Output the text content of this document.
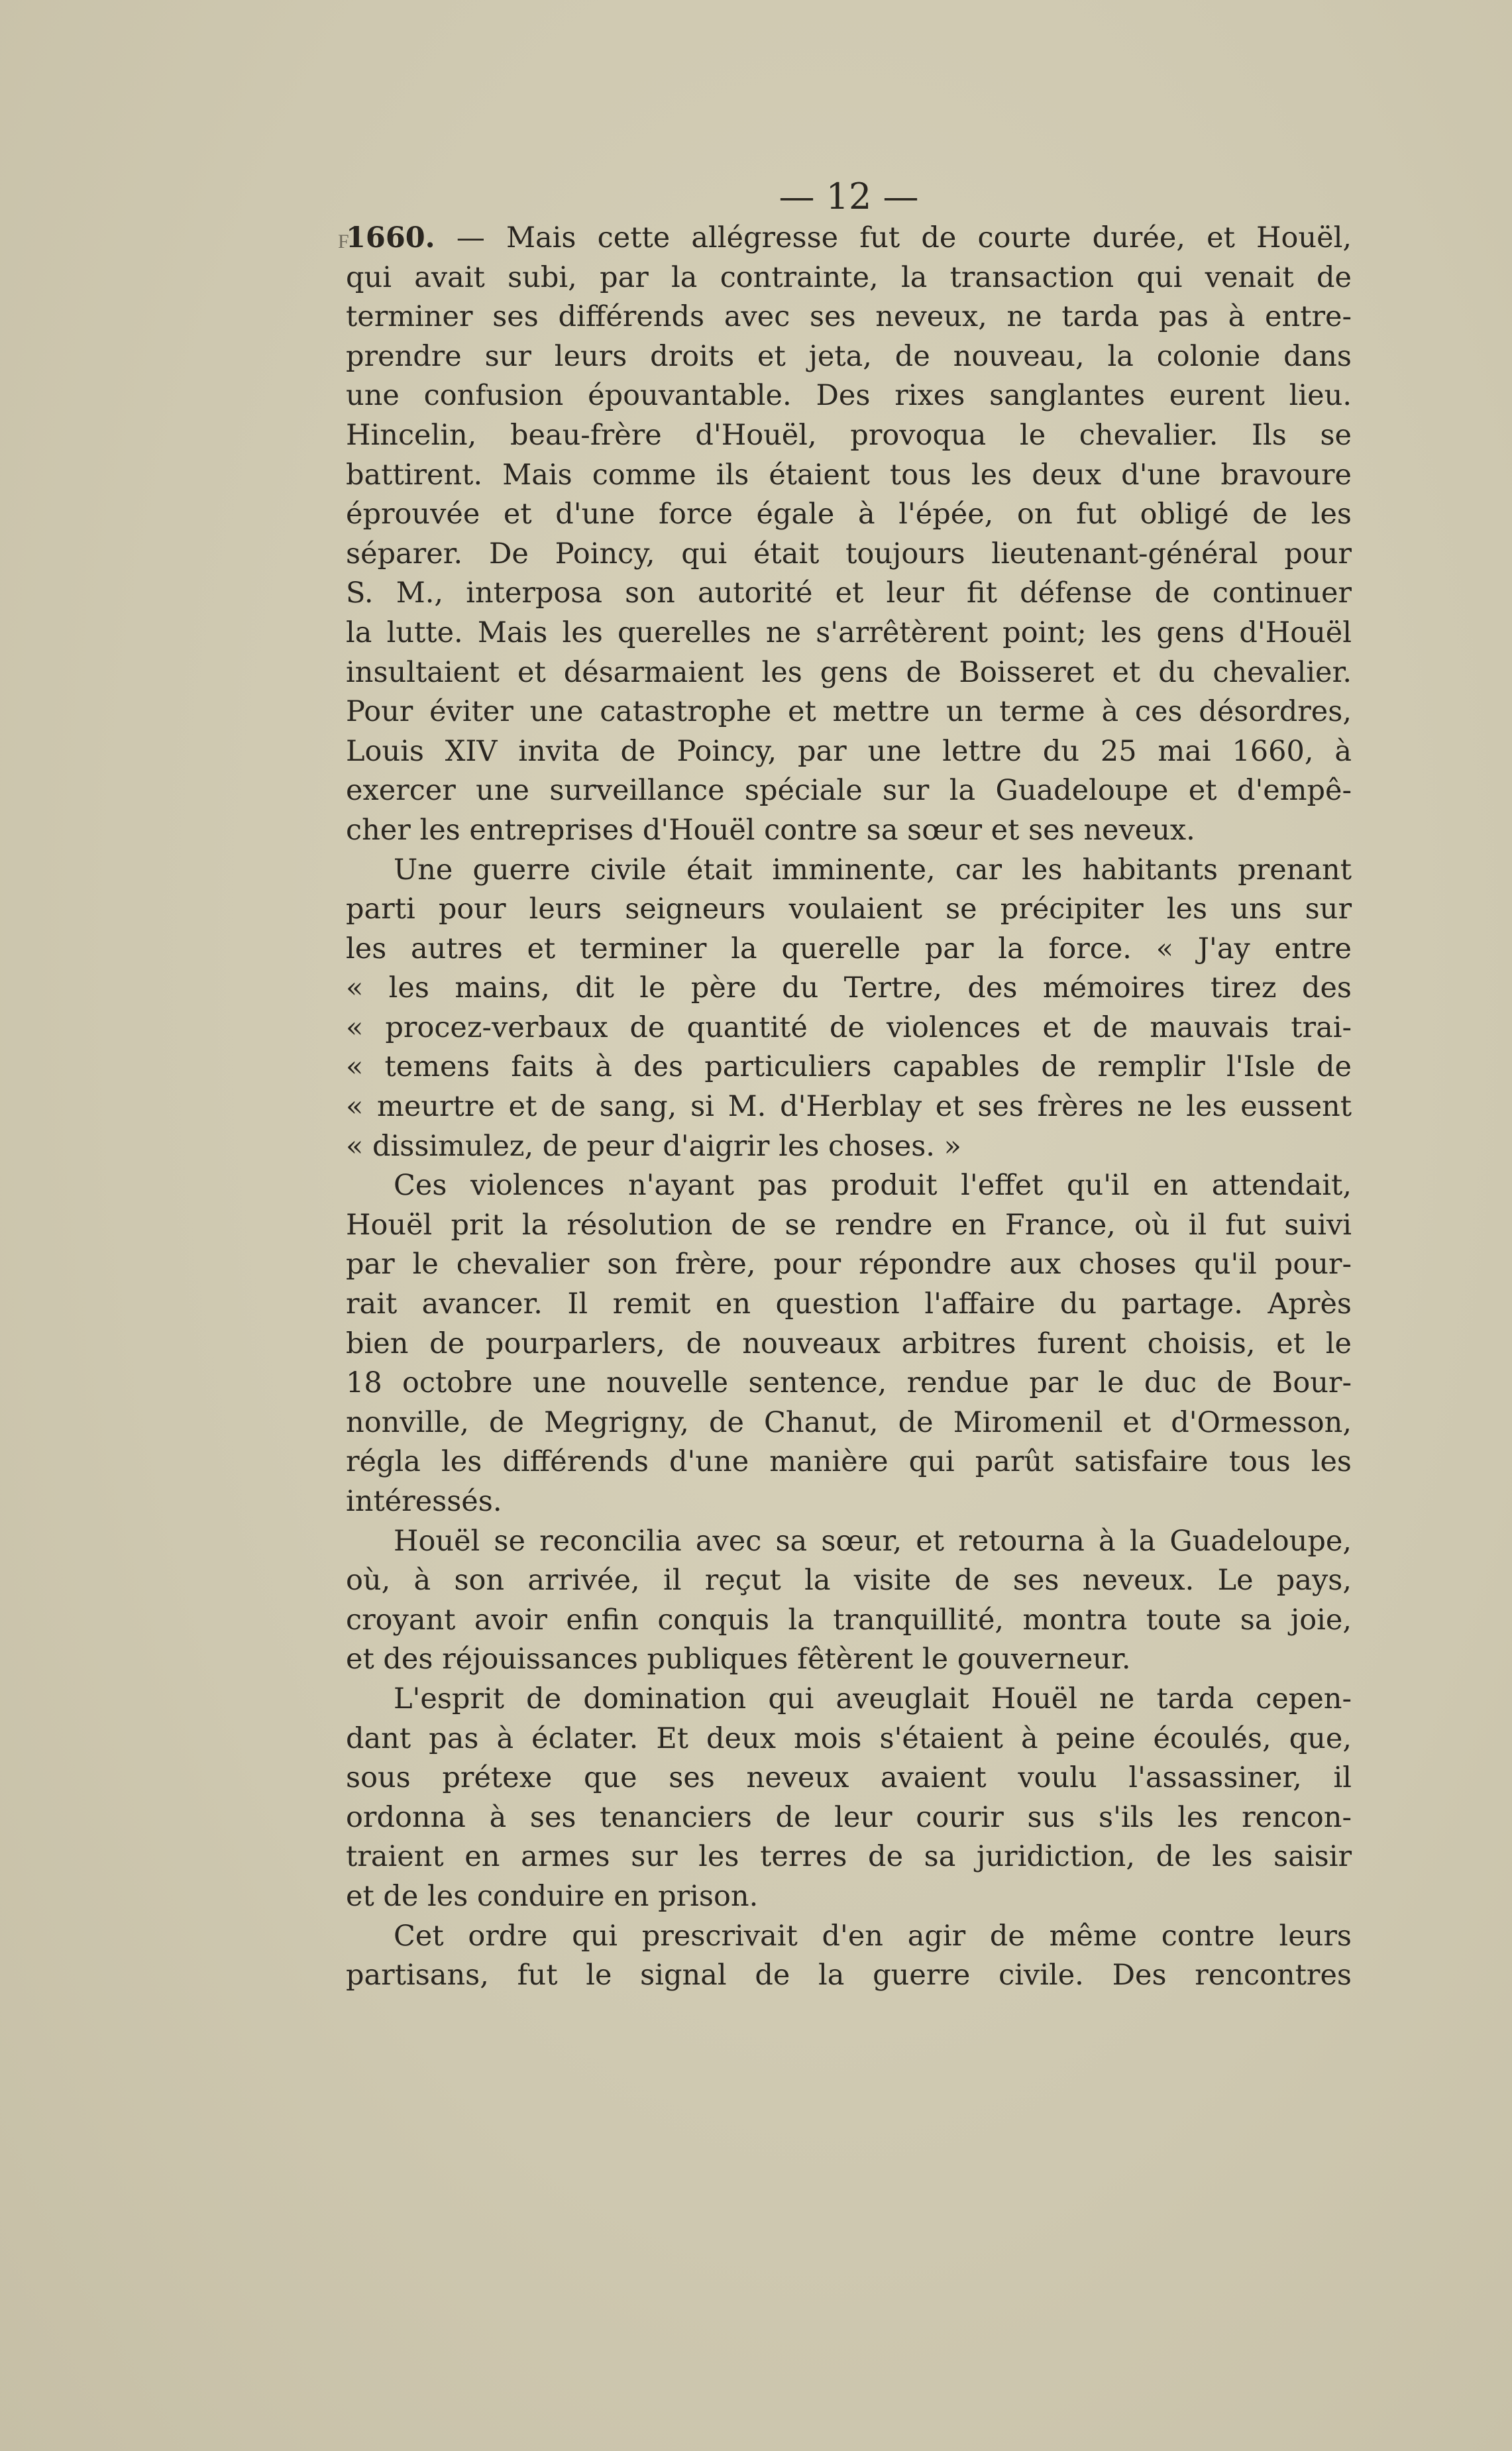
F
— 12 —
1660. — Mais cette allégresse fut de courte durée, et Houël,
qui avait subi, par la contrainte, la transaction qui venait de
terminer ses différends avec ses neveux, ne tarda pas à entre-
prendre sur leurs droits et jeta, de nouveau, la colonie dans
une confusion épouvantable. Des rixes sanglantes eurent lieu.
Hincelin, beau-frère d'Houël, provoqua le chevalier. Ils se
battirent. Mais comme ils étaient tous les deux d'une bravoure
éprouvée et d'une force égale à l'épée, on fut obligé de les
séparer. De Poincy, qui était toujours lieutenant-général pour
S. M., interposa son autorité et leur fit défense de continuer
la lutte. Mais les querelles ne s'arrêtèrent point; les gens d'Houël
insultaient et désarmaient les gens de Boisseret et du chevalier.
Pour éviter une catastrophe et mettre un terme à ces désordres,
Louis XIV invita de Poincy, par une lettre du 25 mai 1660, à
exercer une surveillance spéciale sur la Guadeloupe et d'empê-
cher les entreprises d'Houël contre sa sœur et ses neveux.
Une guerre civile était imminente, car les habitants prenant
parti pour leurs seigneurs voulaient se précipiter les uns sur
les autres et terminer la querelle par la force. « J'ay entre
« les mains, dit le père du Tertre, des mémoires tirez des
« procez-verbaux de quantité de violences et de mauvais trai-
« temens faits à des particuliers capables de remplir l'Isle de
« meurtre et de sang, si M. d'Herblay et ses frères ne les eussent
« dissimulez, de peur d'aigrir les choses. »
Ces violences n'ayant pas produit l'effet qu'il en attendait,
Houël prit la résolution de se rendre en France, où il fut suivi
par le chevalier son frère, pour répondre aux choses qu'il pour-
rait avancer. Il remit en question l'affaire du partage. Après
bien de pourparlers, de nouveaux arbitres furent choisis, et le
18 octobre une nouvelle sentence, rendue par le duc de Bour-
nonville, de Megrigny, de Chanut, de Miromenil et d'Ormesson,
régla les différends d'une manière qui parût satisfaire tous les
intéressés.
Houël se reconcilia avec sa sœur, et retourna à la Guadeloupe,
où, à son arrivée, il reçut la visite de ses neveux. Le pays,
croyant avoir enfin conquis la tranquillité, montra toute sa joie,
et des réjouissances publiques fêtèrent le gouverneur.
L'esprit de domination qui aveuglait Houël ne tarda cepen-
dant pas à éclater. Et deux mois s'étaient à peine écoulés, que,
sous prétexe que ses neveux avaient voulu l'assassiner, il
ordonna à ses tenanciers de leur courir sus s'ils les rencon-
traient en armes sur les terres de sa juridiction, de les saisir
et de les conduire en prison.
Cet ordre qui prescrivait d'en agir de même contre leurs
partisans, fut le signal de la guerre civile. Des rencontres
